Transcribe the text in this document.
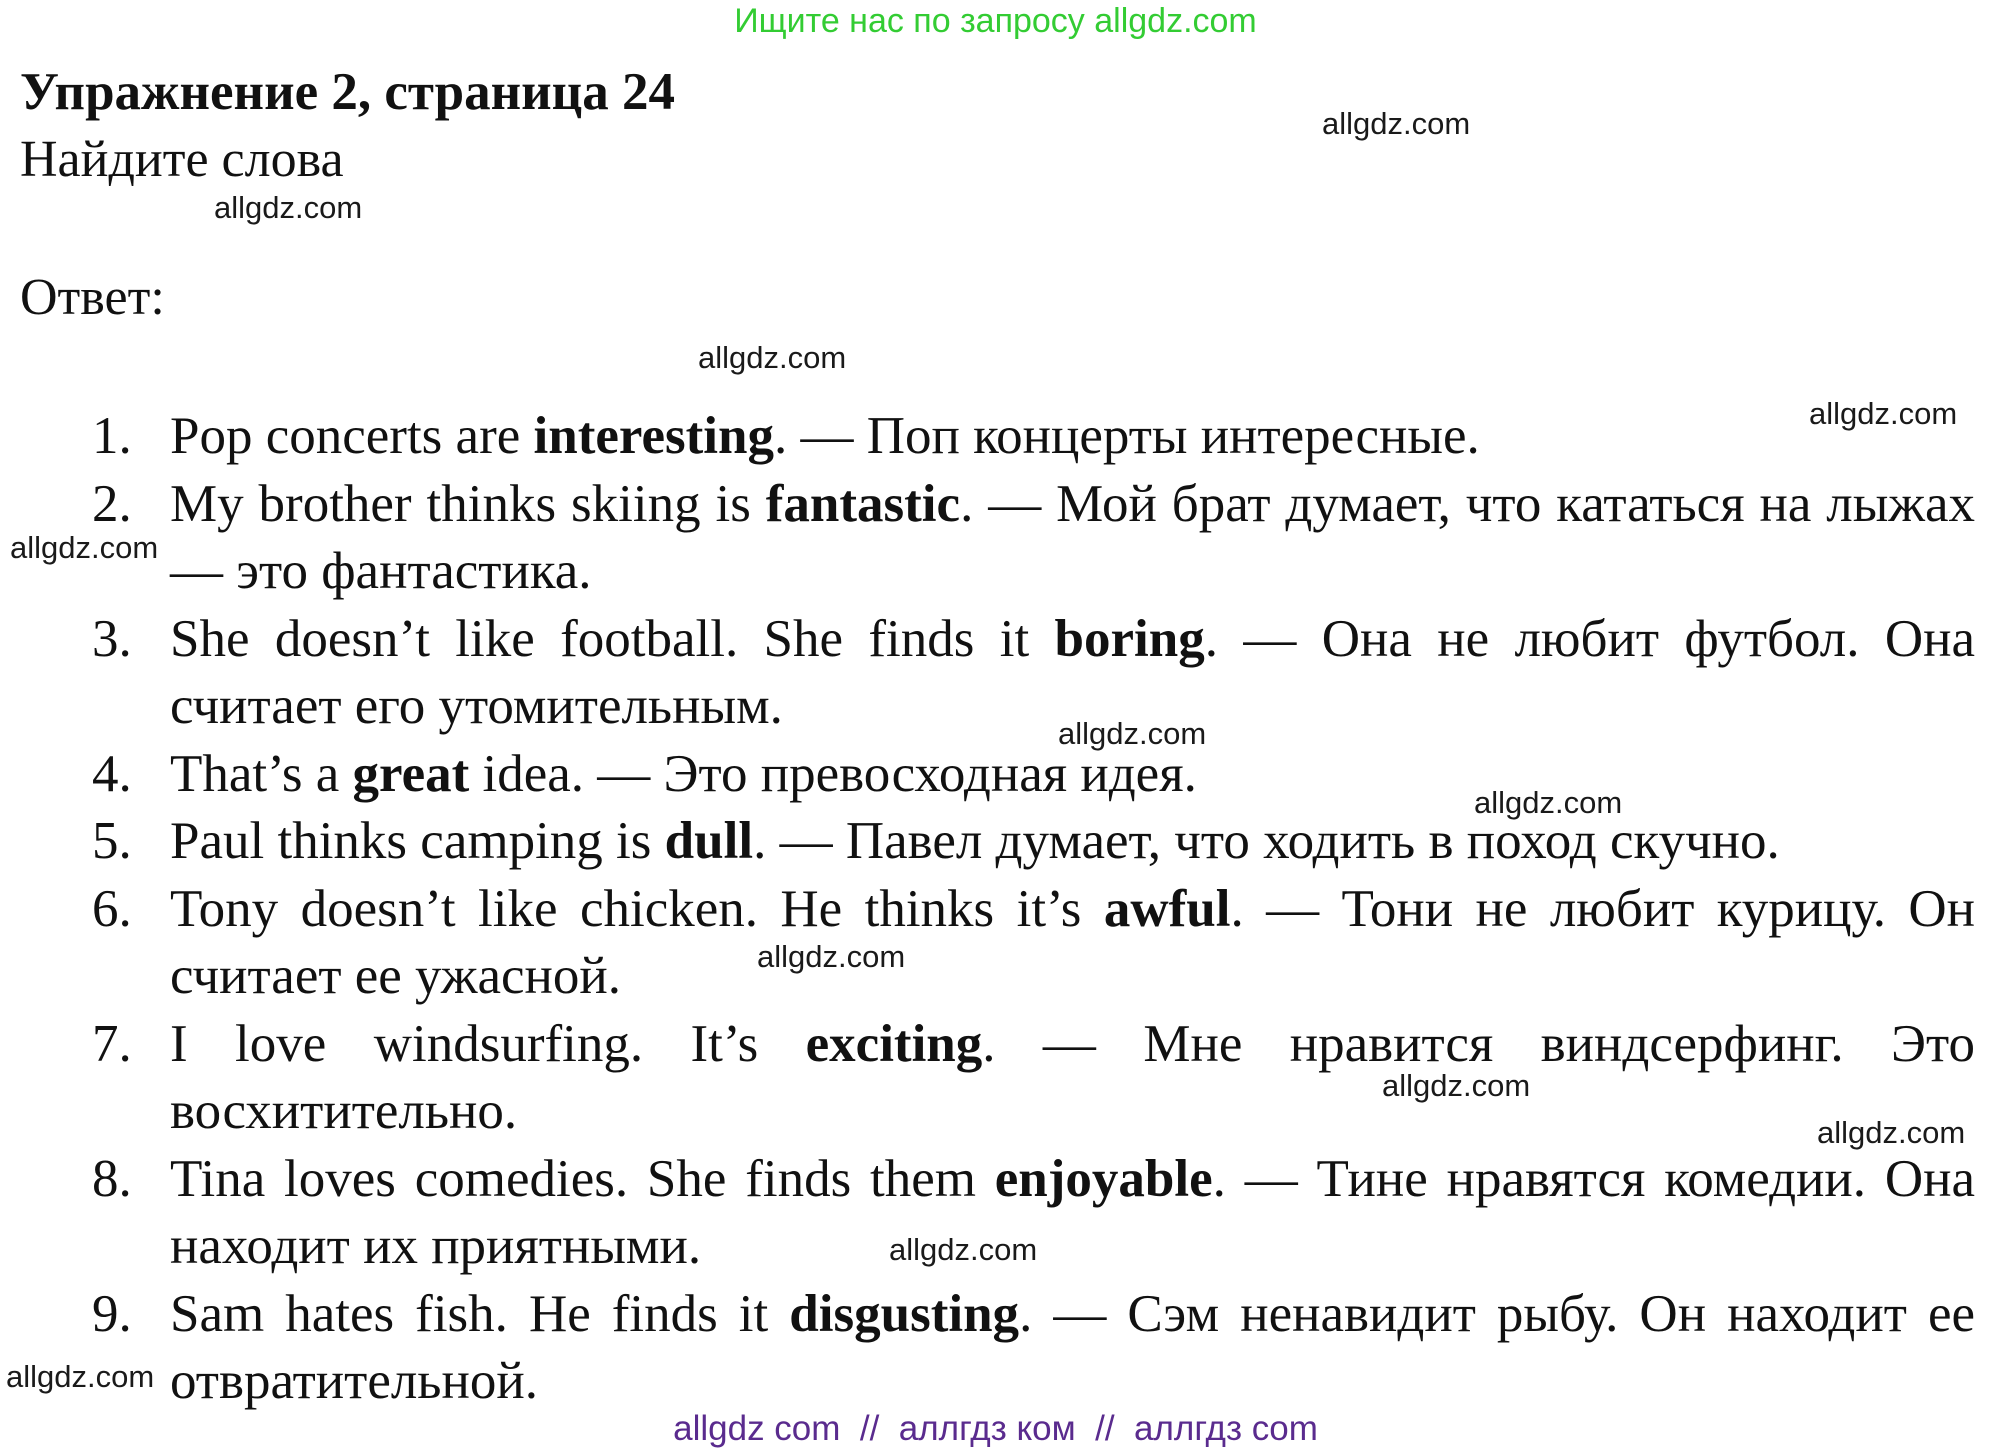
Ищите нас по запросу allgdz.com
Упражнение 2, страница 24
Найдите слова
Ответ:
1. Pop concerts are interesting. — Поп концерты интересные.
2. My brother thinks skiing is fantastic. — Мой брат думает, что кататься на лыжах — это фантастика.
3. She doesn’t like football. She finds it boring. — Она не любит футбол. Она считает его утомительным.
4. That’s a great idea. — Это превосходная идея.
5. Paul thinks camping is dull. — Павел думает, что ходить в поход скучно.
6. Tony doesn’t like chicken. He thinks it’s awful. — Тони не любит курицу. Он считает ее ужасной.
7. I love windsurfing. It’s exciting. — Мне нравится виндсерфинг. Это восхитительно.
8. Tina loves comedies. She finds them enjoyable. — Тине нравятся комедии. Она находит их приятными.
9. Sam hates fish. He finds it disgusting. — Сэм ненавидит рыбу. Он находит ее отвратительной.
allgdz.com
allgdz.com
allgdz.com
allgdz.com
allgdz.com
allgdz.com
allgdz.com
allgdz.com
allgdz.com
allgdz.com
allgdz.com
allgdz.com
allgdz com  //  аллгдз ком  //  аллгдз com
